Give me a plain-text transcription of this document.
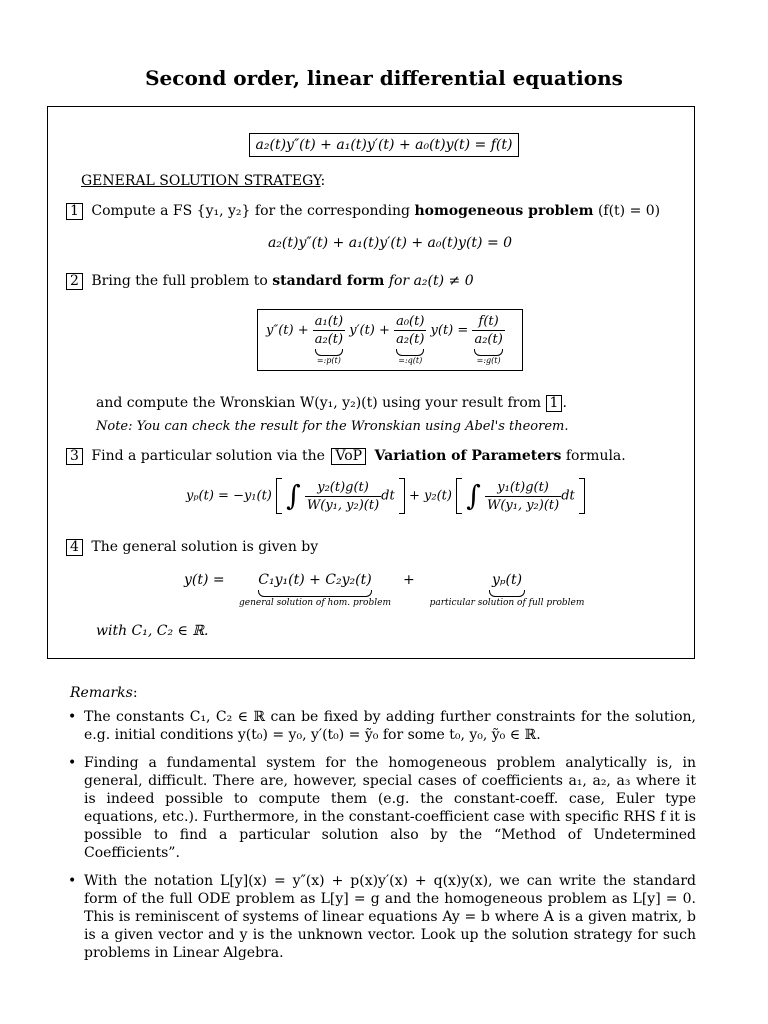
Second order, linear differential equations
a₂(t)y″(t) + a₁(t)y′(t) + a₀(t)y(t) = f(t)
GENERAL SOLUTION STRATEGY:
1 Compute a FS {y₁, y₂} for the corresponding homogeneous problem (f(t) = 0)
a₂(t)y″(t) + a₁(t)y′(t) + a₀(t)y(t) = 0
2 Bring the full problem to standard form for a₂(t) ≠ 0
$y''(t) + \frac{\text{a₁(t)}}{\text{a₂(t)}}$
=:p(t)
$y'(t) + \frac{\text{a₀(t)}}{\text{a₂(t)}}$
=:q(t)
$y(t) = \frac{f(t)}{\text{a₂(t)}}$
=:g(t)
and compute the Wronskian W(y₁, y₂)(t) using your result from 1 .
Note: You can check the result for the Wronskian using Abel's theorem.
3 Find a particular solution via the VoP Variation of Parameters formula.
yₚ(t) = −y₁(t) ∫ $\frac{\text{y₂(t)g(t)}}{\text{W(y₁, y₂)(t)}}$ dt + y₂(t) ∫ $\frac{\text{y₁(t)g(t)}}{\text{W(y₁, y₂)(t)}}$ dt
4 The general solution is given by
y(t) =	C₁y₁(t) + C₂y₂(t)
general solution of hom. problem
+	yₚ(t)
particular solution of full problem
with C₁, C₂ ∈ ℝ.
Remarks:
• The constants C₁, C₂ ∈ ℝ can be fixed by adding further constraints for the solution, e.g. initial conditions y(t₀) = y₀, y′(t₀) = ỹ₀ for some t₀, y₀, ỹ₀ ∈ ℝ.
• Finding a fundamental system for the homogeneous problem analytically is, in general, difficult. There are, however, special cases of coefficients a₁, a₂, a₃ where it is indeed possible to compute them (e.g. the constant-coeff. case, Euler type equations, etc.). Furthermore, in the constant-coefficient case with specific RHS f it is possible to find a particular solution also by the “Method of Undetermined Coefficients”.
• With the notation L[y](x) = y″(x) + p(x)y′(x) + q(x)y(x), we can write the standard form of the full ODE problem as L[y] = g and the homogeneous problem as L[y] = 0. This is reminiscent of systems of linear equations Ay = b where A is a given matrix, b is a given vector and y is the unknown vector. Look up the solution strategy for such problems in Linear Algebra.
